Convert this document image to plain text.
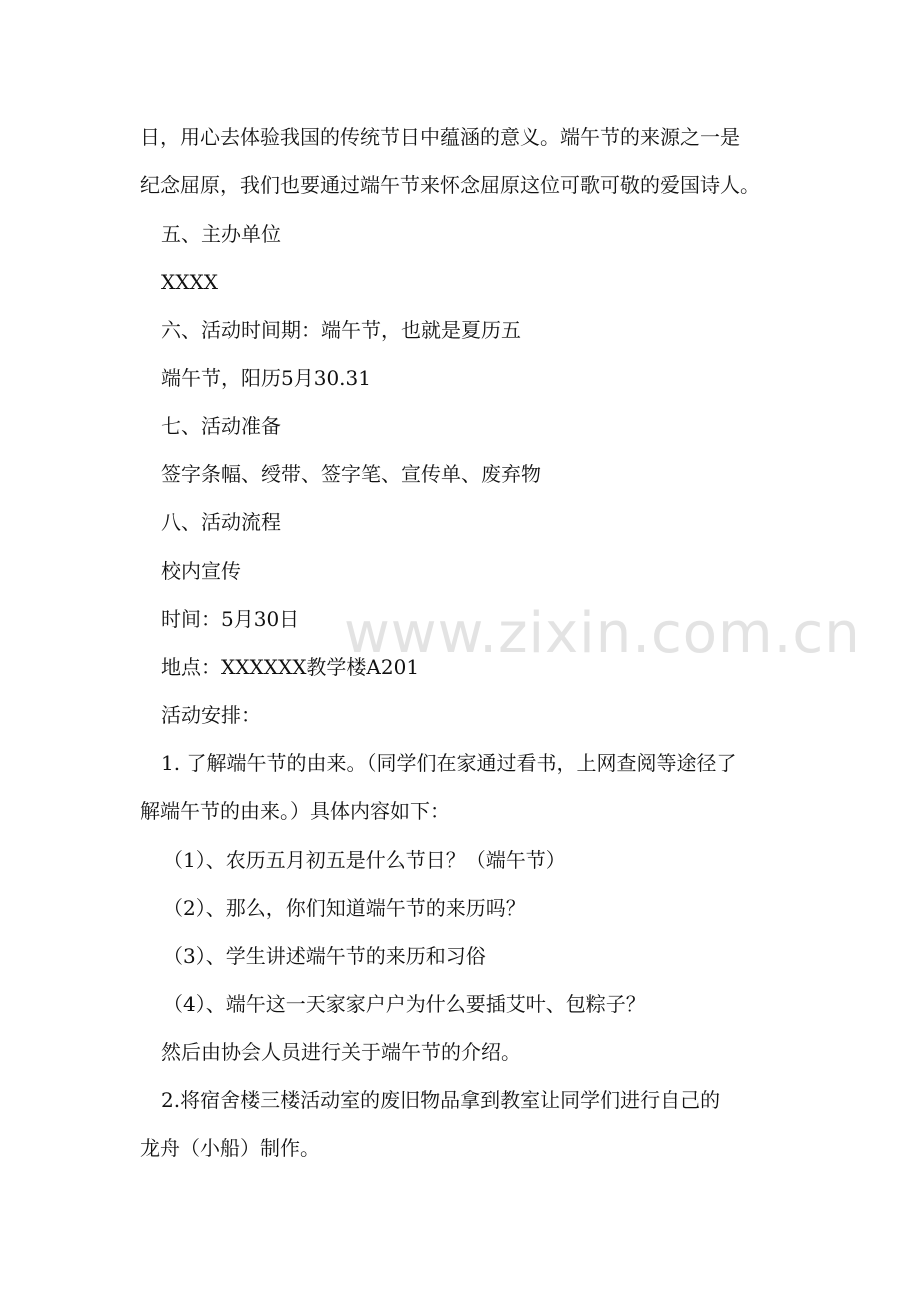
www.zixin.com.cn
日，用心去体验我国的传统节日中蕴涵的意义。端午节的来源之一是
纪念屈原，我们也要通过端午节来怀念屈原这位可歌可敬的爱国诗人。
五、主办单位
XXXX
六、活动时间期：端午节，也就是夏历五
端午节，阳历5月30.31
七、活动准备
签字条幅、绶带、签字笔、宣传单、废弃物
八、活动流程
校内宣传
时间：5月30日
地点：XXXXXX教学楼A201
活动安排：
1. 了解端午节的由来。（同学们在家通过看书，上网查阅等途径了
解端午节的由来。）具体内容如下：
（1）、农历五月初五是什么节日？（端午节）
（2）、那么，你们知道端午节的来历吗？
（3）、学生讲述端午节的来历和习俗
（4）、端午这一天家家户户为什么要插艾叶、包粽子？
然后由协会人员进行关于端午节的介绍。
2.将宿舍楼三楼活动室的废旧物品拿到教室让同学们进行自己的
龙舟（小船）制作。
